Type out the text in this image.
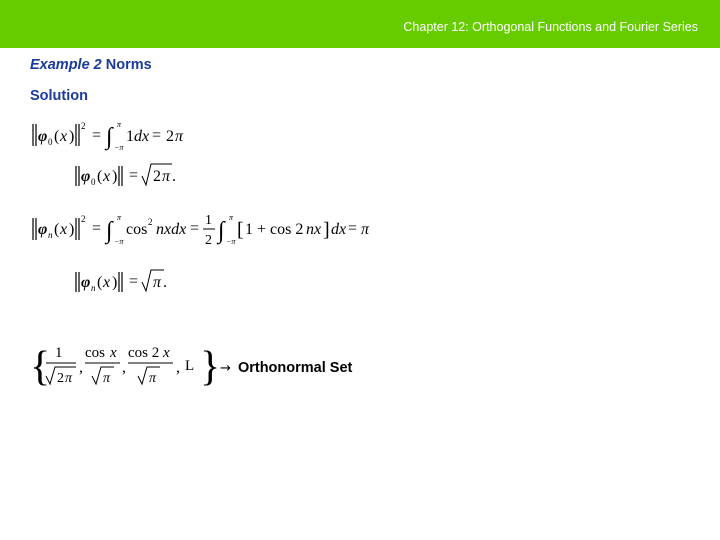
Chapter 12: Orthogonal Functions and Fourier Series
Example 2 Norms
Solution
φ 0 ( x )
2
= ∫ π
−π
1 dx = 2 π
φ 0 ( x ) = 2 π .
φ n ( x )
2
= ∫
π
−π
cos 2 nxdx = 1
2 ∫
π
−π
[ 1 + cos 2 nx ] dx = π
φ n ( x ) = π .
{ 1
2 π
,
cos x
π
,
cos 2 x
π
, L } → Orthonormal Set
